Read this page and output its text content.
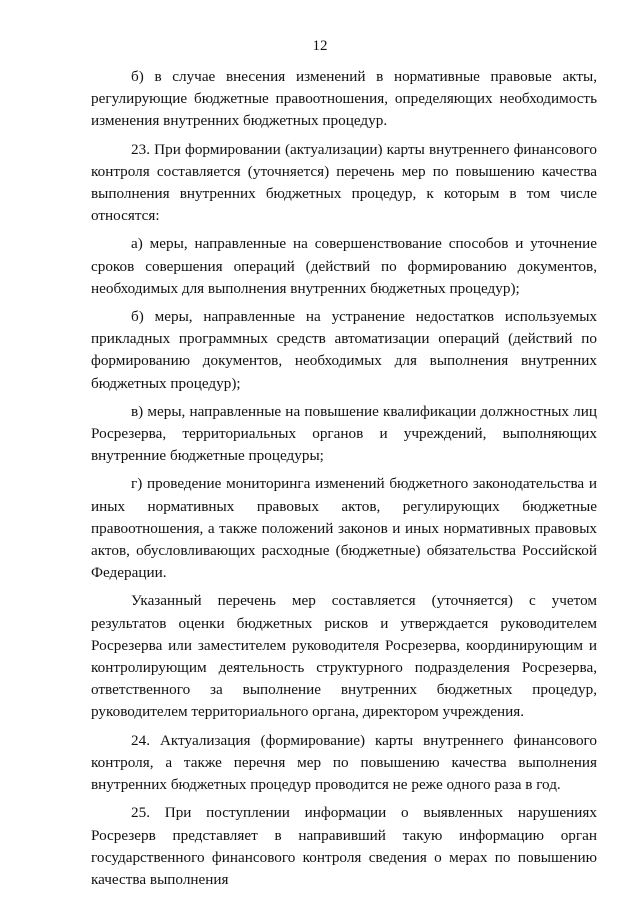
12

б) в случае внесения изменений в нормативные правовые акты, регулирующие бюджетные правоотношения, определяющих необходимость изменения внутренних бюджетных процедур.

23. При формировании (актуализации) карты внутреннего финансового контроля составляется (уточняется) перечень мер по повышению качества выполнения внутренних бюджетных процедур, к которым в том числе относятся:

а) меры, направленные на совершенствование способов и уточнение сроков совершения операций (действий по формированию документов, необходимых для выполнения внутренних бюджетных процедур);

б) меры, направленные на устранение недостатков используемых прикладных программных средств автоматизации операций (действий по формированию документов, необходимых для выполнения внутренних бюджетных процедур);

в) меры, направленные на повышение квалификации должностных лиц Росрезерва, территориальных органов и учреждений, выполняющих внутренние бюджетные процедуры;

г) проведение мониторинга изменений бюджетного законодательства и иных нормативных правовых актов, регулирующих бюджетные правоотношения, а также положений законов и иных нормативных правовых актов, обусловливающих расходные (бюджетные) обязательства Российской Федерации.

Указанный перечень мер составляется (уточняется) с учетом результатов оценки бюджетных рисков и утверждается руководителем Росрезерва или заместителем руководителя Росрезерва, координирующим и контролирующим деятельность структурного подразделения Росрезерва, ответственного за выполнение внутренних бюджетных процедур, руководителем территориального органа, директором учреждения.

24. Актуализация (формирование) карты внутреннего финансового контроля, а также перечня мер по повышению качества выполнения внутренних бюджетных процедур проводится не реже одного раза в год.

25. При поступлении информации о выявленных нарушениях Росрезерв представляет в направивший такую информацию орган государственного финансового контроля сведения о мерах по повышению качества выполнения
